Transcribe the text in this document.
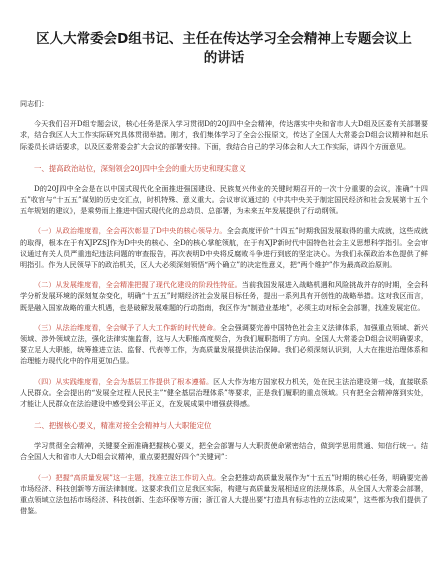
区人大常委会D组书记、主任在传达学习全会精神上专题会议上的讲话

同志们：

今天我们召开D组专题会议，核心任务是深入学习贯彻D的20J四中全会精神，传达落实中央和省市人大D组及区委有关部署要求，结合我区人大工作实际研究具体贯彻举措。刚才，我们集体学习了全会公报原文，传达了全国人大常委会D组会议精神和赵乐际委员长讲话要求，以及区委常委会扩大会议的部署安排。下面，我结合自己的学习体会和人大工作实际，讲四个方面意见。

一、提高政治站位，深刻领会20J四中全会的重大历史和现实意义

D的20J四中全会是在以中国式现代化全面推进强国建设、民族复兴伟业的关键时期召开的一次十分重要的会议，准确“十四五”收官与“十五五”谋划的历史交汇点，时机特殊、意义重大。会议审议通过的《中共中央关于制定国民经济和社会发展第十五个五年规划的建议》，是乘势而上推进中国式现代化的总动员、总部署，为未来五年发展提供了行动纲领。

（一）从政治维度看，全会再次彰显了D中央的核心领导力。全会高度评价“十四五”时期我国发展取得的重大成就，这些成就的取得，根本在于有XJPZSJ作为D中央的核心、全D的核心掌舵领航，在于有XJP新时代中国特色社会主义思想科学指引。全会审议通过有关人员严重违纪违法问题的审查报告，再次表明D中央将反腐败斗争进行到底的坚定决心。为我们永葆政治本色提供了鲜明指引。作为人民领导下的政治机关，区人大必须深刻领悟“两个确立”的决定性意义，把“两个维护”作为最高政治原则。

（二）从发展维度看，全会精准把握了现代化建设的阶段性特征。当前我国发展进入战略机遇和风险挑战并存的时期，全会科学分析发展环境的深刻复杂变化，明确“十五五”时期经济社会发展目标任务，提出一系列具有开创性的战略举措。这对我区而言，既是融入国家战略的重大机遇，也是破解发展难题的行动指南，我区作为“制造业基地”，必须主动对标全会部署，找准发展定位。

（三）从法治维度看，全会赋予了人大工作新的时代使命。全会强调要完善中国特色社会主义法律体系，加强重点领域、新兴领域、涉外领域立法，强化法律实施监督，这与人大职能高度契合，为我们履职指明了方向。全国人大常委会D组会议明确要求，要立足人大职能，统筹推进立法、监督、代表等工作，为高质量发展提供法治保障。我们必须深刻认识到，人大在推进治理体系和治理能力现代化中的作用更加凸显。

（四）从实践维度看，全会为基层工作提供了根本遵循。区人大作为地方国家权力机关，处在民主法治建设第一线，直接联系人民群众。全会提出的“发展全过程人民民主”“健全基层治理体系”等要求，正是我们履职的重点领域。只有把全会精神落到实处，才能让人民群众在法治建设中感受到公平正义，在发展成果中增强获得感。

二、把握核心要义，精准对接全会精神与人大职能定位

学习贯彻全会精神，关键要全面准确把握核心要义，把全会部署与人大职责使命紧密结合，做到学思用贯通、知信行统一。结合全国人大和省市人大D组会议精神，重点要把握好四个“关键词”：

（一）把握“高质量发展”这一主题，找准立法工作切入点。全会把推动高质量发展作为“十五五”时期的核心任务，明确要完善市场经济、科技创新等方面法律制度。这要求我们立足我区实际，构建与高质量发展相适应的法规体系，从全国人大常委会部署，重点领域立法包括市场经济、科技创新、生态环保等方面；浙江省人大提出要“打造具有标志性的立法成果”，这些都为我们提供了借鉴。
